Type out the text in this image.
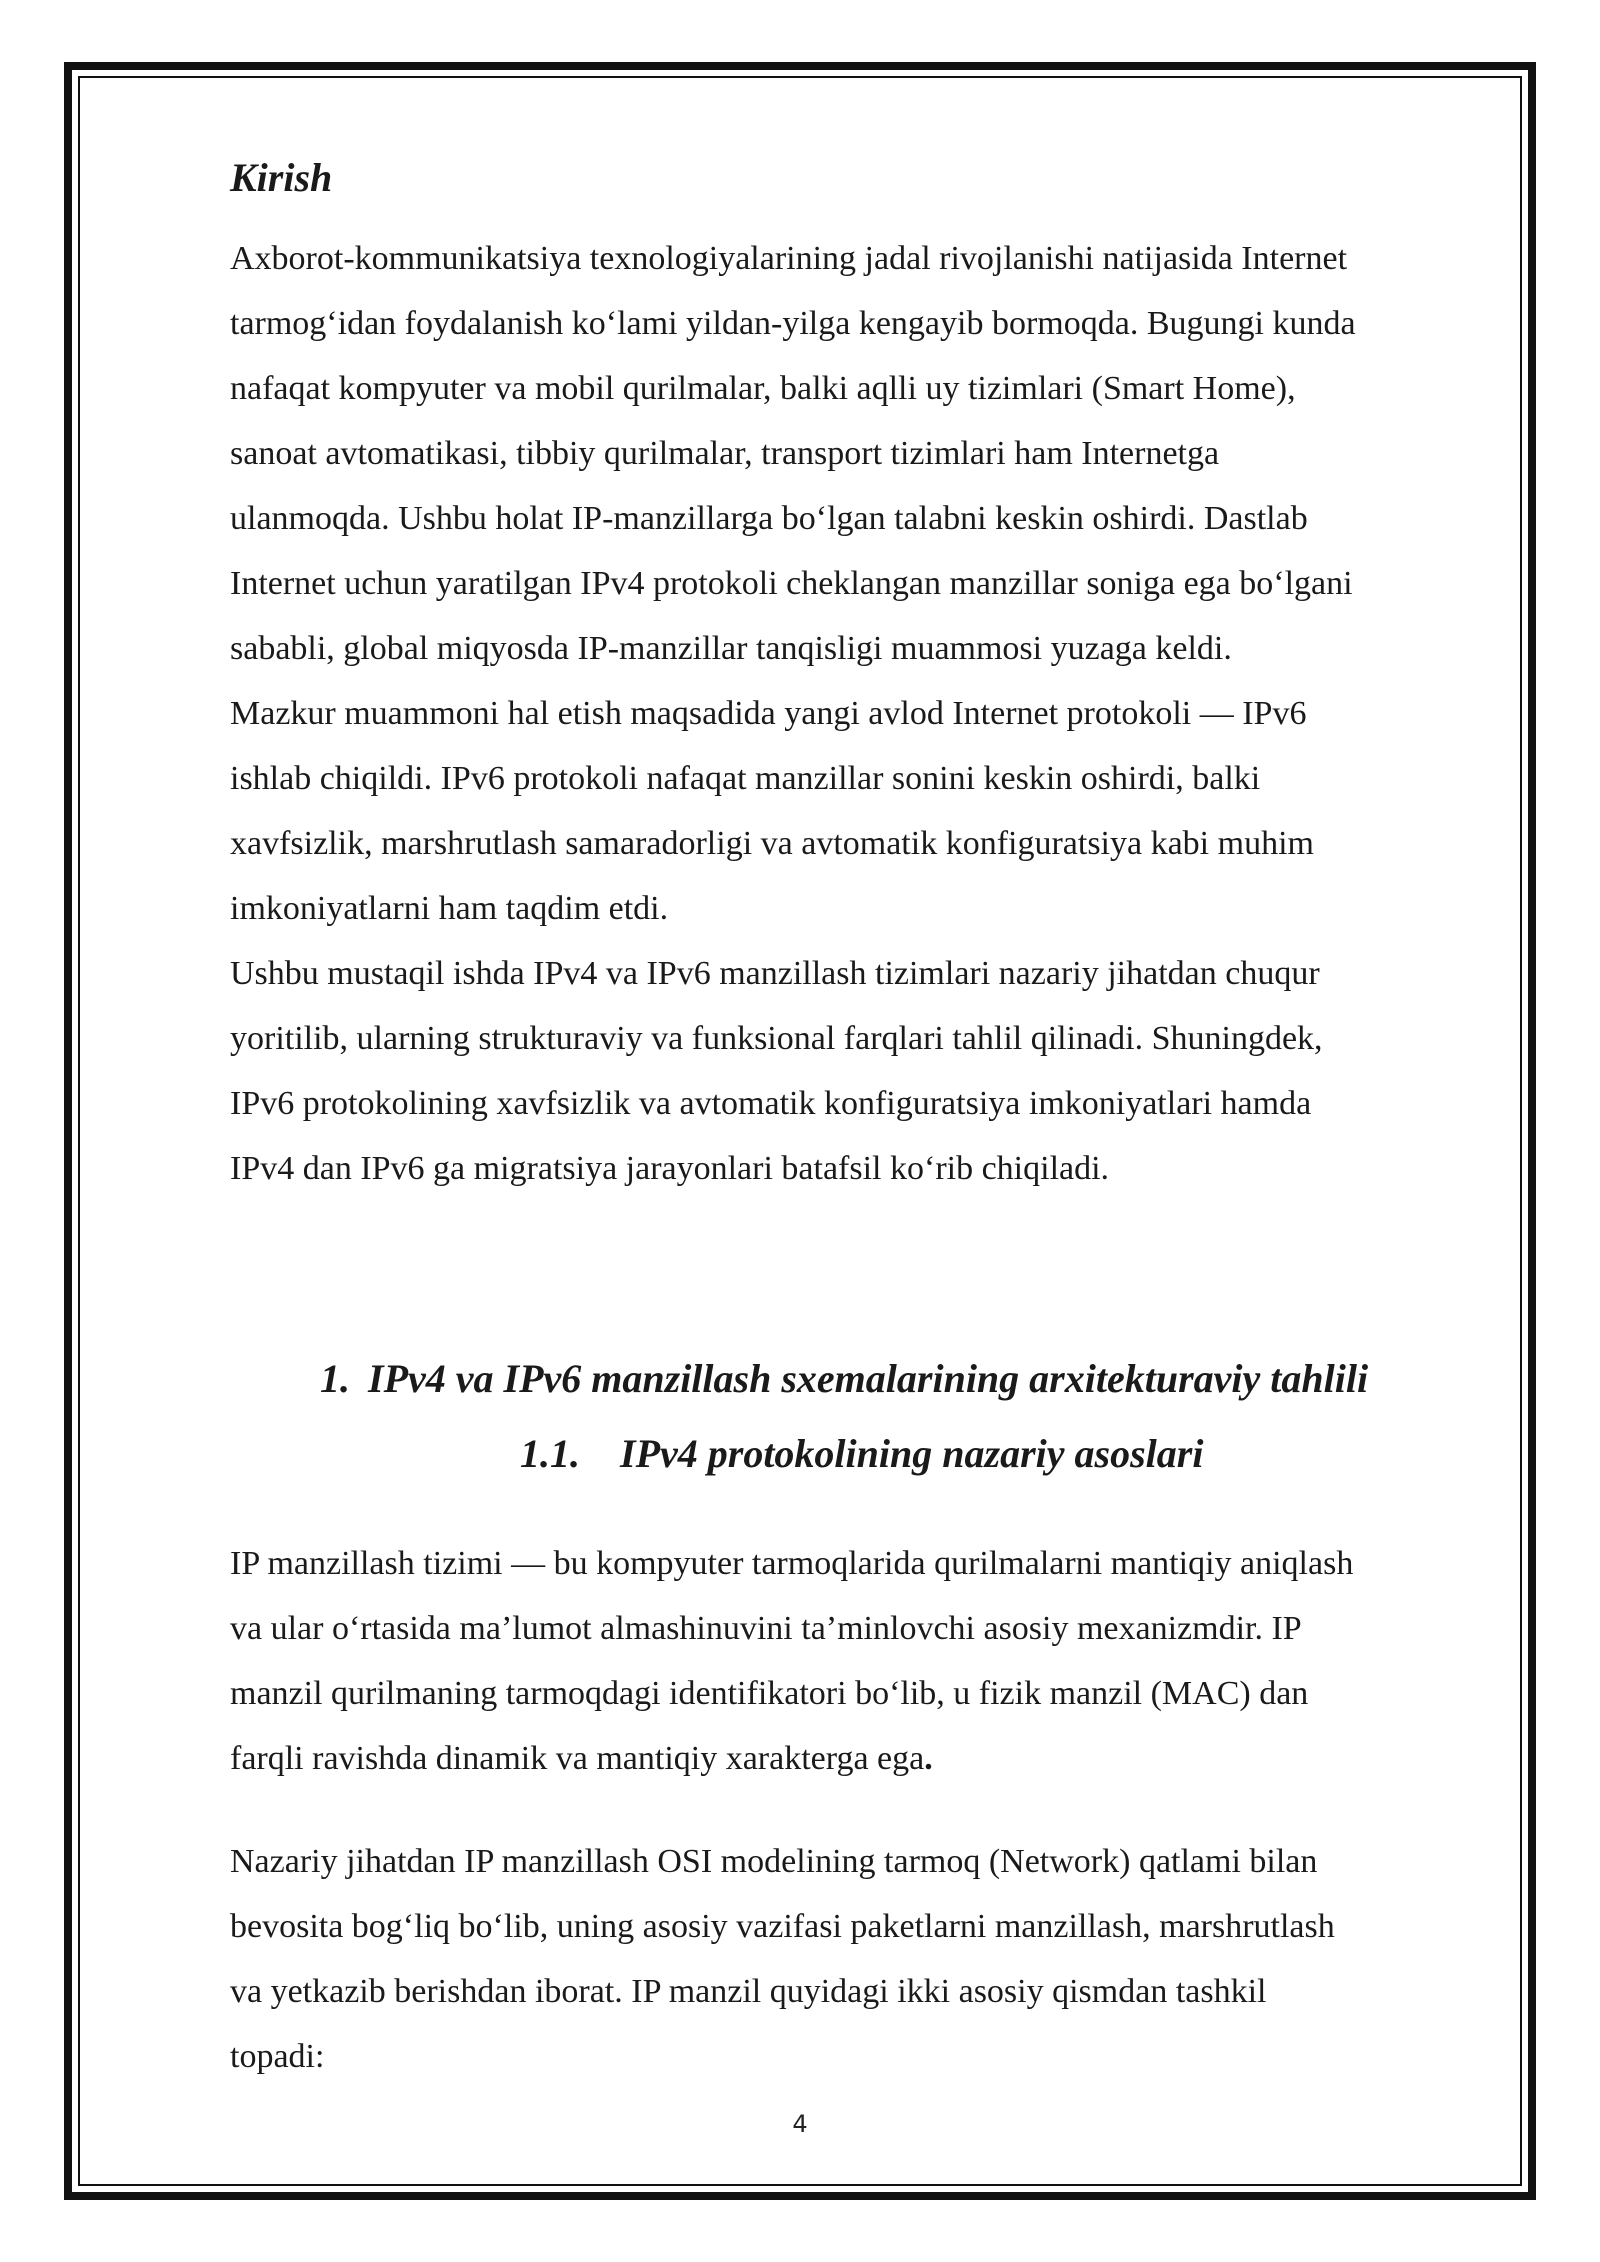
Kirish
Axborot-kommunikatsiya texnologiyalarining jadal rivojlanishi natijasida Internet
tarmog‘idan foydalanish ko‘lami yildan-yilga kengayib bormoqda. Bugungi kunda
nafaqat kompyuter va mobil qurilmalar, balki aqlli uy tizimlari (Smart Home),
sanoat avtomatikasi, tibbiy qurilmalar, transport tizimlari ham Internetga
ulanmoqda. Ushbu holat IP-manzillarga bo‘lgan talabni keskin oshirdi. Dastlab
Internet uchun yaratilgan IPv4 protokoli cheklangan manzillar soniga ega bo‘lgani
sababli, global miqyosda IP-manzillar tanqisligi muammosi yuzaga keldi.
Mazkur muammoni hal etish maqsadida yangi avlod Internet protokoli — IPv6
ishlab chiqildi. IPv6 protokoli nafaqat manzillar sonini keskin oshirdi, balki
xavfsizlik, marshrutlash samaradorligi va avtomatik konfiguratsiya kabi muhim
imkoniyatlarni ham taqdim etdi.
Ushbu mustaqil ishda IPv4 va IPv6 manzillash tizimlari nazariy jihatdan chuqur
yoritilib, ularning strukturaviy va funksional farqlari tahlil qilinadi. Shuningdek,
IPv6 protokolining xavfsizlik va avtomatik konfiguratsiya imkoniyatlari hamda
IPv4 dan IPv6 ga migratsiya jarayonlari batafsil ko‘rib chiqiladi.
1. IPv4 va IPv6 manzillash sxemalarining arxitekturaviy tahlili
1.1. IPv4 protokolining nazariy asoslari
IP manzillash tizimi — bu kompyuter tarmoqlarida qurilmalarni mantiqiy aniqlash
va ular o‘rtasida ma’lumot almashinuvini ta’minlovchi asosiy mexanizmdir. IP
manzil qurilmaning tarmoqdagi identifikatori bo‘lib, u fizik manzil (MAC) dan
farqli ravishda dinamik va mantiqiy xarakterga ega.
Nazariy jihatdan IP manzillash OSI modelining tarmoq (Network) qatlami bilan
bevosita bog‘liq bo‘lib, uning asosiy vazifasi paketlarni manzillash, marshrutlash
va yetkazib berishdan iborat. IP manzil quyidagi ikki asosiy qismdan tashkil
topadi:
4
